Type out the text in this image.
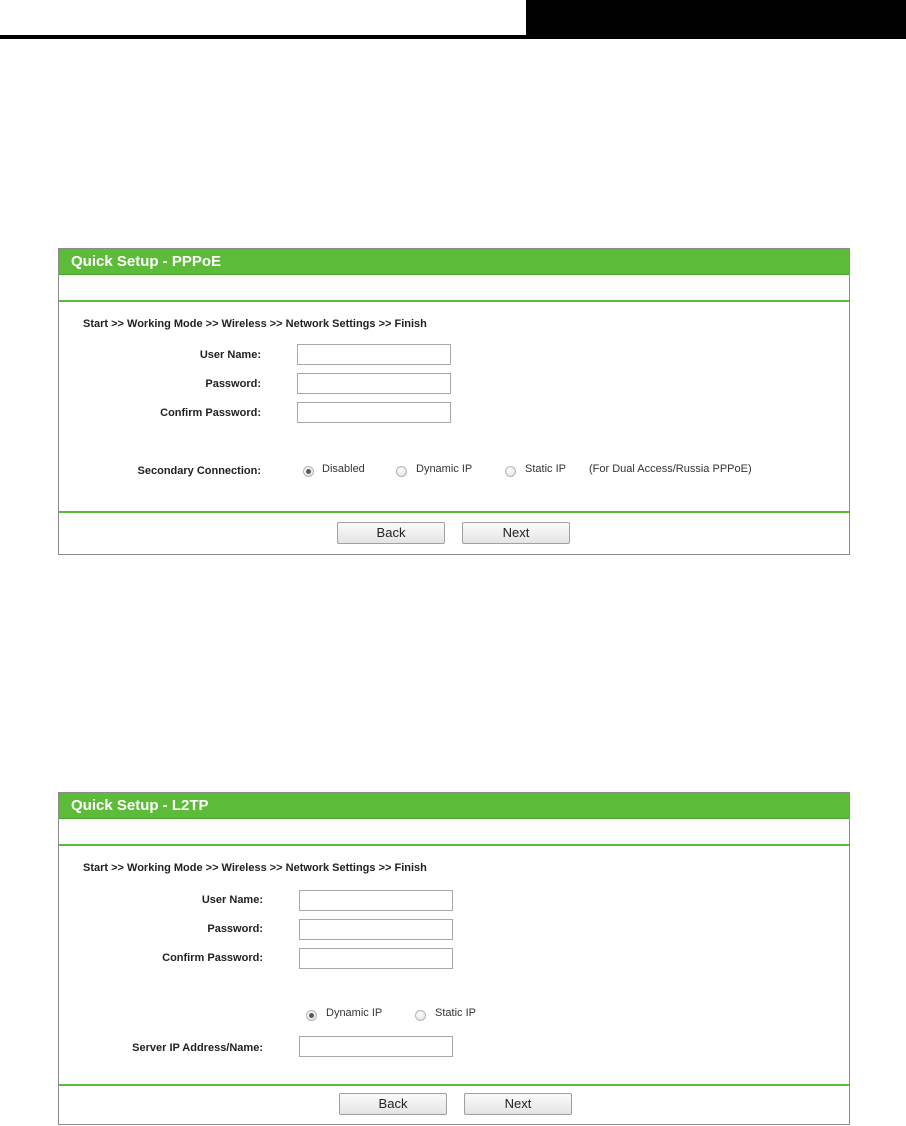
Quick Setup - PPPoE
Start >> Working Mode >> Wireless >> Network Settings >> Finish
User Name:
Password:
Confirm Password:
Secondary Connection:	Disabled	Dynamic IP	Static IP (For Dual Access/Russia PPPoE)
Back	Next
Quick Setup - L2TP
Start >> Working Mode >> Wireless >> Network Settings >> Finish
User Name:
Password:
Confirm Password:
Dynamic IP	Static IP
Server IP Address/Name:
Back	Next
